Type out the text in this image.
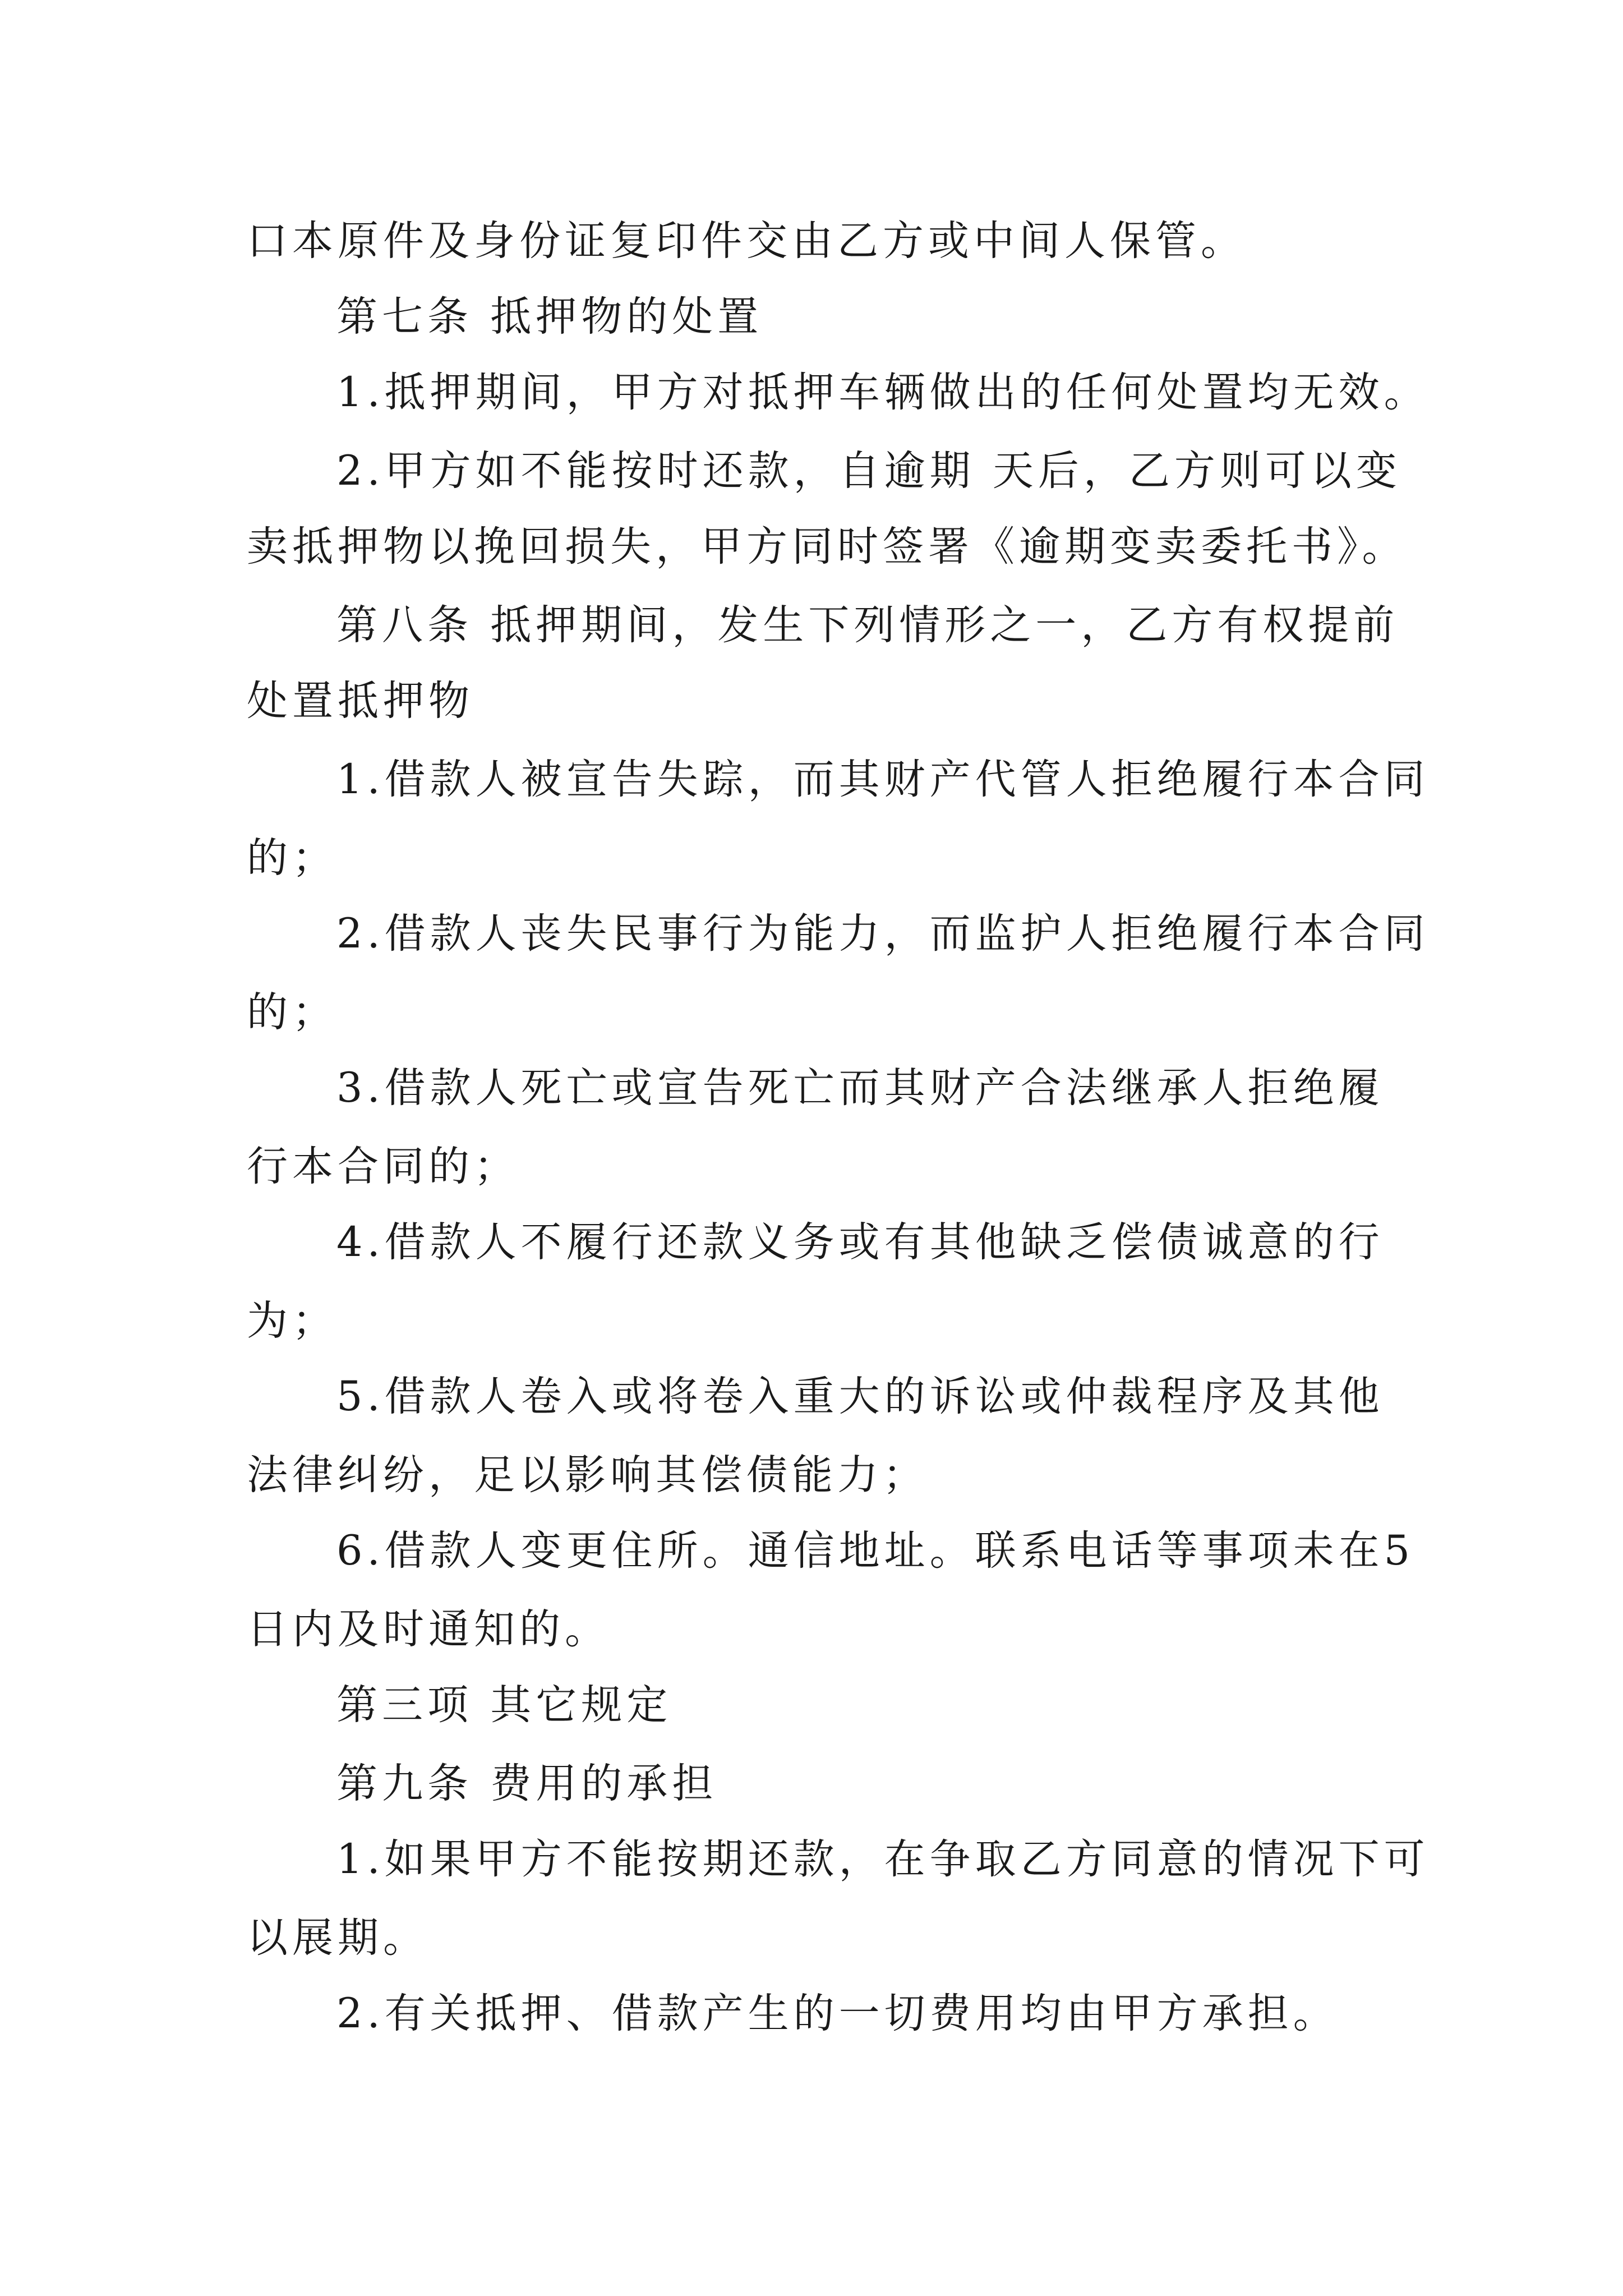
口本原件及身份证复印件交由乙方或中间人保管。
第七条 抵押物的处置
1.抵押期间，甲方对抵押车辆做出的任何处置均无效。
2.甲方如不能按时还款，自逾期 天后，乙方则可以变
卖抵押物以挽回损失，甲方同时签署《逾期变卖委托书》。
第八条 抵押期间，发生下列情形之一，乙方有权提前
处置抵押物
1.借款人被宣告失踪，而其财产代管人拒绝履行本合同
的；
2.借款人丧失民事行为能力，而监护人拒绝履行本合同
的；
3.借款人死亡或宣告死亡而其财产合法继承人拒绝履
行本合同的；
4.借款人不履行还款义务或有其他缺乏偿债诚意的行
为；
5.借款人卷入或将卷入重大的诉讼或仲裁程序及其他
法律纠纷，足以影响其偿债能力；
6.借款人变更住所。通信地址。联系电话等事项未在5
日内及时通知的。
第三项 其它规定
第九条 费用的承担
1.如果甲方不能按期还款，在争取乙方同意的情况下可
以展期。
2.有关抵押、借款产生的一切费用均由甲方承担。
